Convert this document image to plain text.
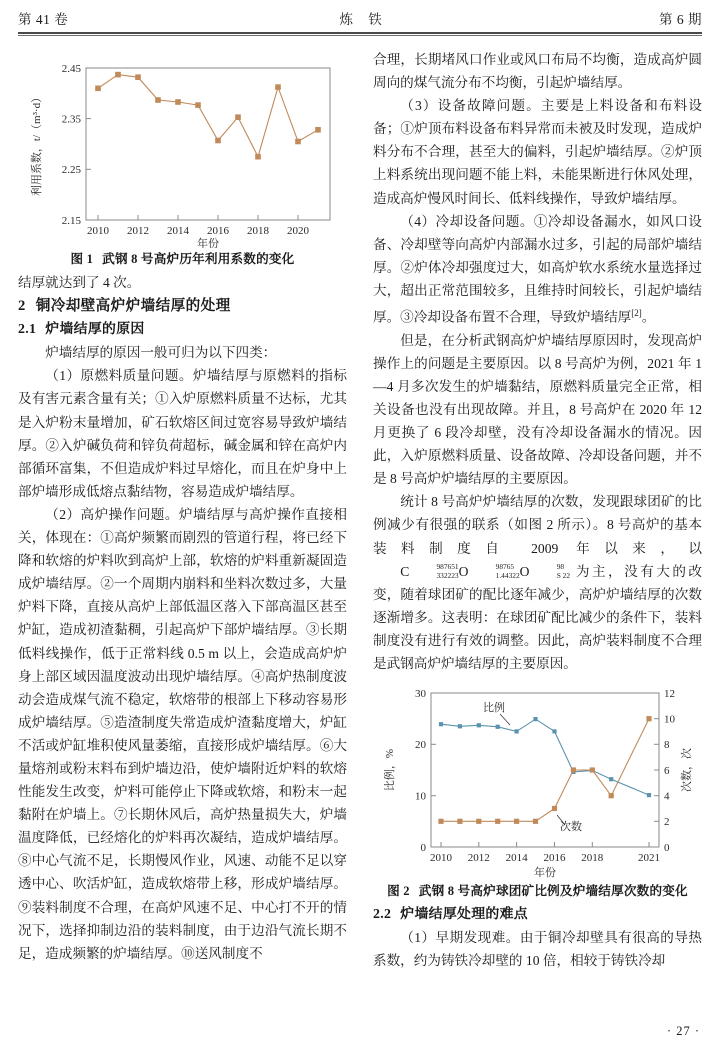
第 41 卷	炼 铁	第 6 期
2.15
2.25
2.35
2.45
2010 2012 2014 2016 2018 2020
年份
利用系数，t/（m³·d）
图 1 武钢 8 号高炉历年利用系数的变化

结厚就达到了 4 次。

2 铜冷却壁高炉炉墙结厚的处理
2.1 炉墙结厚的原因

炉墙结厚的原因一般可归为以下四类：

（1）原燃料质量问题。炉墙结厚与原燃料的指标及有害元素含量有关；①入炉原燃料质量不达标，尤其是入炉粉末量增加，矿石软熔区间过宽容易导致炉墙结厚。②入炉碱负荷和锌负荷超标，碱金属和锌在高炉内部循环富集，不但造成炉料过早熔化，而且在炉身中上部炉墙形成低熔点黏结物，容易造成炉墙结厚。

（2）高炉操作问题。炉墙结厚与高炉操作直接相关，体现在：①高炉频繁而剧烈的管道行程，将已经下降和软熔的炉料吹到高炉上部，软熔的炉料重新凝固造成炉墙结厚。②一个周期内崩料和坐料次数过多，大量炉料下降，直接从高炉上部低温区落入下部高温区甚至炉缸，造成初渣黏稠，引起高炉下部炉墙结厚。③长期低料线操作，低于正常料线 0.5 m 以上，会造成高炉炉身上部区域因温度波动出现炉墙结厚。④高炉热制度波动会造成煤气流不稳定，软熔带的根部上下移动容易形成炉墙结厚。⑤造渣制度失常造成炉渣黏度增大，炉缸不活或炉缸堆积使风量萎缩，直接形成炉墙结厚。⑥大量熔剂或粉末料布到炉墙边沿，使炉墙附近炉料的软熔性能发生改变，炉料可能停止下降或软熔，和粉末一起黏附在炉墙上。⑦长期休风后，高炉热量损失大，炉墙温度降低，已经熔化的炉料再次凝结，造成炉墙结厚。⑧中心气流不足，长期慢风作业，风速、动能不足以穿透中心、吹活炉缸，造成软熔带上移，形成炉墙结厚。⑨装料制度不合理，在高炉风速不足、中心打不开的情况下，选择抑制边沿的装料制度，由于边沿气流长期不足，造成频繁的炉墙结厚。⑩送风制度不

合理，长期堵风口作业或风口布局不均衡，造成高炉圆周向的煤气流分布不均衡，引起炉墙结厚。

（3）设备故障问题。主要是上料设备和布料设备；①炉顶布料设备布料异常而未被及时发现，造成炉料分布不合理，甚至大的偏料，引起炉墙结厚。②炉顶上料系统出现问题不能上料，未能果断进行休风处理，造成高炉慢风时间长、低料线操作，导致炉墙结厚。

（4）冷却设备问题。①冷却设备漏水，如风口设备、冷却壁等向高炉内部漏水过多，引起的局部炉墙结厚。②炉体冷却强度过大，如高炉软水系统水量选择过大，超出正常范围较多，且维持时间较长，引起炉墙结厚。③冷却设备布置不合理，导致炉墙结厚[2]。

但是，在分析武钢高炉炉墙结厚原因时，发现高炉操作上的问题是主要原因。以 8 号高炉为例，2021 年 1—4 月多次发生的炉墙黏结，原燃料质量完全正常，相关设备也没有出现故障。并且，8 号高炉在 2020 年 12 月更换了 6 段冷却壁，没有冷却设备漏水的情况。因此，入炉原燃料质量、设备故障、冷却设备问题，并不是 8 号高炉炉墙结厚的主要原因。

统计 8 号高炉炉墙结厚的次数，发现跟球团矿的比例减少有很强的联系（如图 2 所示）。8 号高炉的基本装料制度自 2009 年以来，以 C	987651
332223 O	98765
1.44322 O	98
S 22 为主，没有大的改变，随着球团矿的配比逐年减少，高炉炉墙结厚的次数逐渐增多。这表明：在球团矿配比减少的条件下，装料制度没有进行有效的调整。因此，高炉装料制度不合理是武钢高炉炉墙结厚的主要原因。

0
10
20
30
0
2
4
6
8
10
12
2010 2012 2014 2016 2018	2021
年份
比例，%	次数，次
比例
次数
图 2 武钢 8 号高炉球团矿比例及炉墙结厚次数的变化
2.2 炉墙结厚处理的难点

（1）早期发现难。由于铜冷却壁具有很高的导热系数，约为铸铁冷却壁的 10 倍，相较于铸铁冷却

· 27 ·
